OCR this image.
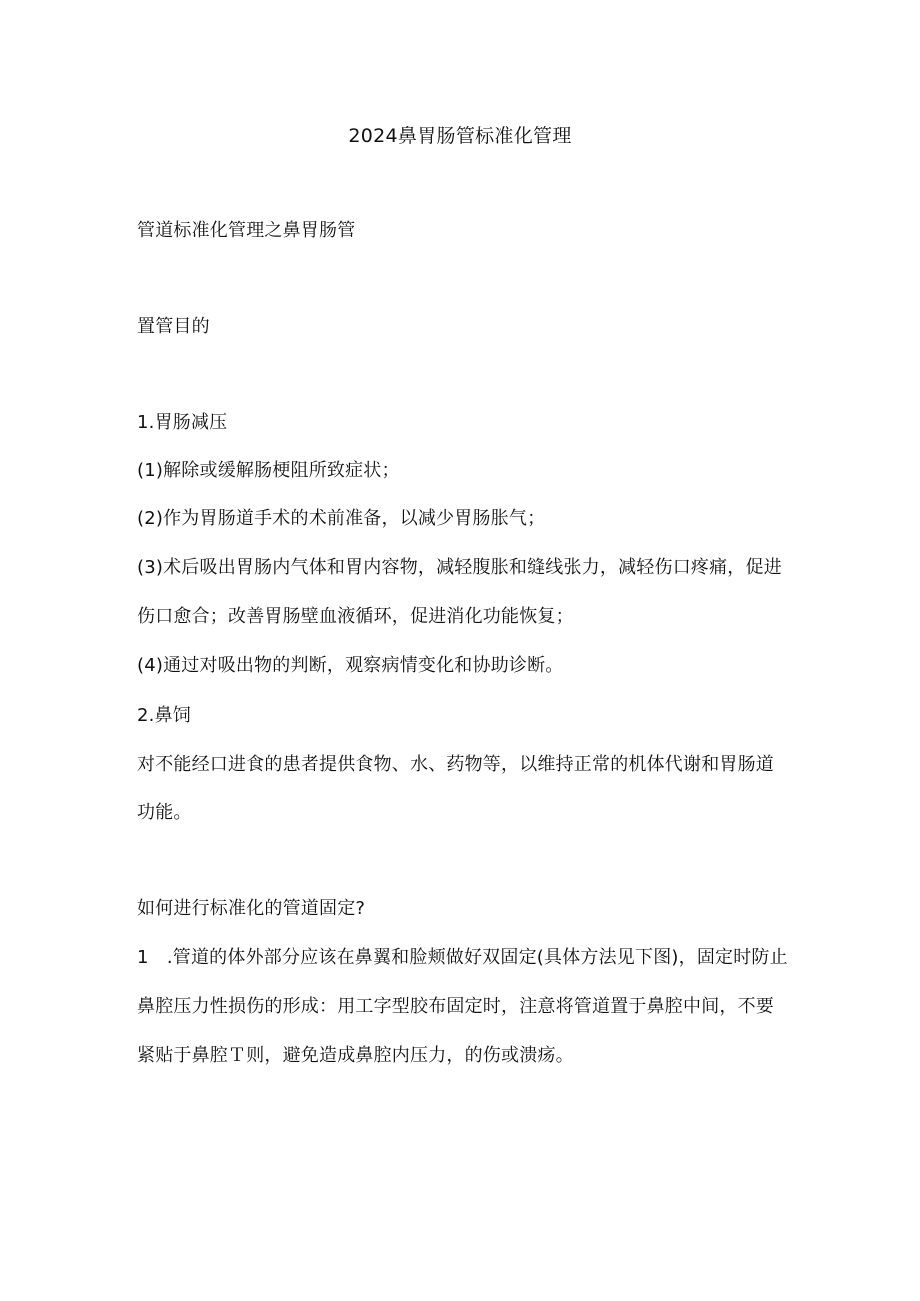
2024鼻胃肠管标准化管理
管道标准化管理之鼻胃肠管
置管目的
1.胃肠减压
(1)解除或缓解肠梗阻所致症状；
(2)作为胃肠道手术的术前准备，以减少胃肠胀气；
(3)术后吸出胃肠内气体和胃内容物，减轻腹胀和缝线张力，减轻伤口疼痛，促进
伤口愈合；改善胃肠壁血液循环，促进消化功能恢复；
(4)通过对吸出物的判断，观察病情变化和协助诊断。
2.鼻饲
对不能经口进食的患者提供食物、水、药物等，以维持正常的机体代谢和胃肠道
功能。
如何进行标准化的管道固定?
1　.管道的体外部分应该在鼻翼和脸颊做好双固定(具体方法见下图)，固定时防止
鼻腔压力性损伤的形成：用工字型胶布固定时，注意将管道置于鼻腔中间，不要
紧贴于鼻腔Ｔ则，避免造成鼻腔内压力，的伤或溃疡。
